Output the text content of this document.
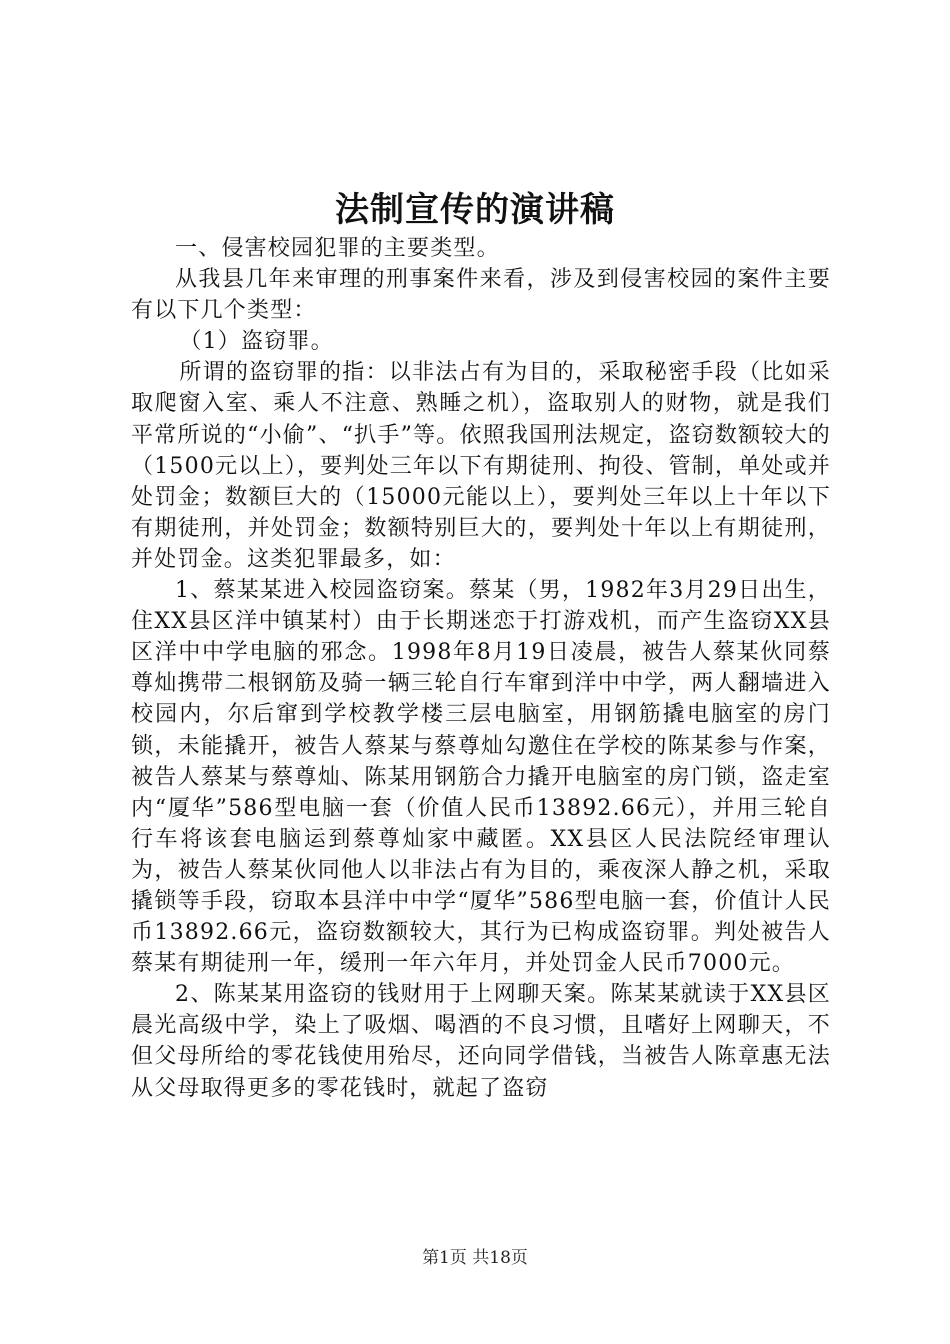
法制宣传的演讲稿

一、侵害校园犯罪的主要类型。

从我县几年来审理的刑事案件来看，涉及到侵害校园的案件主要有以下几个类型：

（1）盗窃罪。

所谓的盗窃罪的指：以非法占有为目的，采取秘密手段（比如采取爬窗入室、乘人不注意、熟睡之机），盗取别人的财物，就是我们平常所说的“小偷”、“扒手”等。依照我国刑法规定，盗窃数额较大的（1500元以上），要判处三年以下有期徒刑、拘役、管制，单处或并处罚金；数额巨大的（15000元能以上），要判处三年以上十年以下有期徒刑，并处罚金；数额特别巨大的，要判处十年以上有期徒刑，并处罚金。这类犯罪最多，如：

1、蔡某某进入校园盗窃案。蔡某（男，1982年3月29日出生，住XX县区洋中镇某村）由于长期迷恋于打游戏机，而产生盗窃XX县区洋中中学电脑的邪念。1998年8月19日凌晨，被告人蔡某伙同蔡尊灿携带二根钢筋及骑一辆三轮自行车窜到洋中中学，两人翻墙进入校园内，尔后窜到学校教学楼三层电脑室，用钢筋撬电脑室的房门锁，未能撬开，被告人蔡某与蔡尊灿勾邀住在学校的陈某参与作案，被告人蔡某与蔡尊灿、陈某用钢筋合力撬开电脑室的房门锁，盗走室内“厦华”586型电脑一套（价值人民币13892.66元），并用三轮自行车将该套电脑运到蔡尊灿家中藏匿。XX县区人民法院经审理认为，被告人蔡某伙同他人以非法占有为目的，乘夜深人静之机，采取撬锁等手段，窃取本县洋中中学“厦华”586型电脑一套，价值计人民币13892.66元，盗窃数额较大，其行为已构成盗窃罪。判处被告人蔡某有期徒刑一年，缓刑一年六年月，并处罚金人民币7000元。

2、陈某某用盗窃的钱财用于上网聊天案。陈某某就读于XX县区晨光高级中学，染上了吸烟、喝酒的不良习惯，且嗜好上网聊天，不但父母所给的零花钱使用殆尽，还向同学借钱，当被告人陈章惠无法从父母取得更多的零花钱时，就起了盗窃

第1页 共18页
